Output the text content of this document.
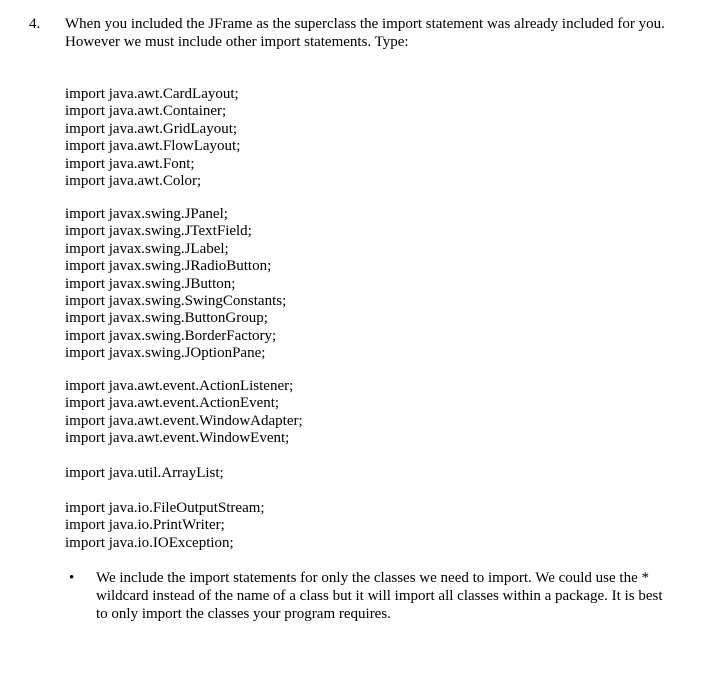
4. When you included the JFrame as the superclass the import statement was already included for you.
However we must include other import statements. Type:
import java.awt.CardLayout;
import java.awt.Container;
import java.awt.GridLayout;
import java.awt.FlowLayout;
import java.awt.Font;
import java.awt.Color;
import javax.swing.JPanel;
import javax.swing.JTextField;
import javax.swing.JLabel;
import javax.swing.JRadioButton;
import javax.swing.JButton;
import javax.swing.SwingConstants;
import javax.swing.ButtonGroup;
import javax.swing.BorderFactory;
import javax.swing.JOptionPane;
import java.awt.event.ActionListener;
import java.awt.event.ActionEvent;
import java.awt.event.WindowAdapter;
import java.awt.event.WindowEvent;
import java.util.ArrayList;
import java.io.FileOutputStream;
import java.io.PrintWriter;
import java.io.IOException;
• We include the import statements for only the classes we need to import. We could use the *
wildcard instead of the name of a class but it will import all classes within a package. It is best
to only import the classes your program requires.
